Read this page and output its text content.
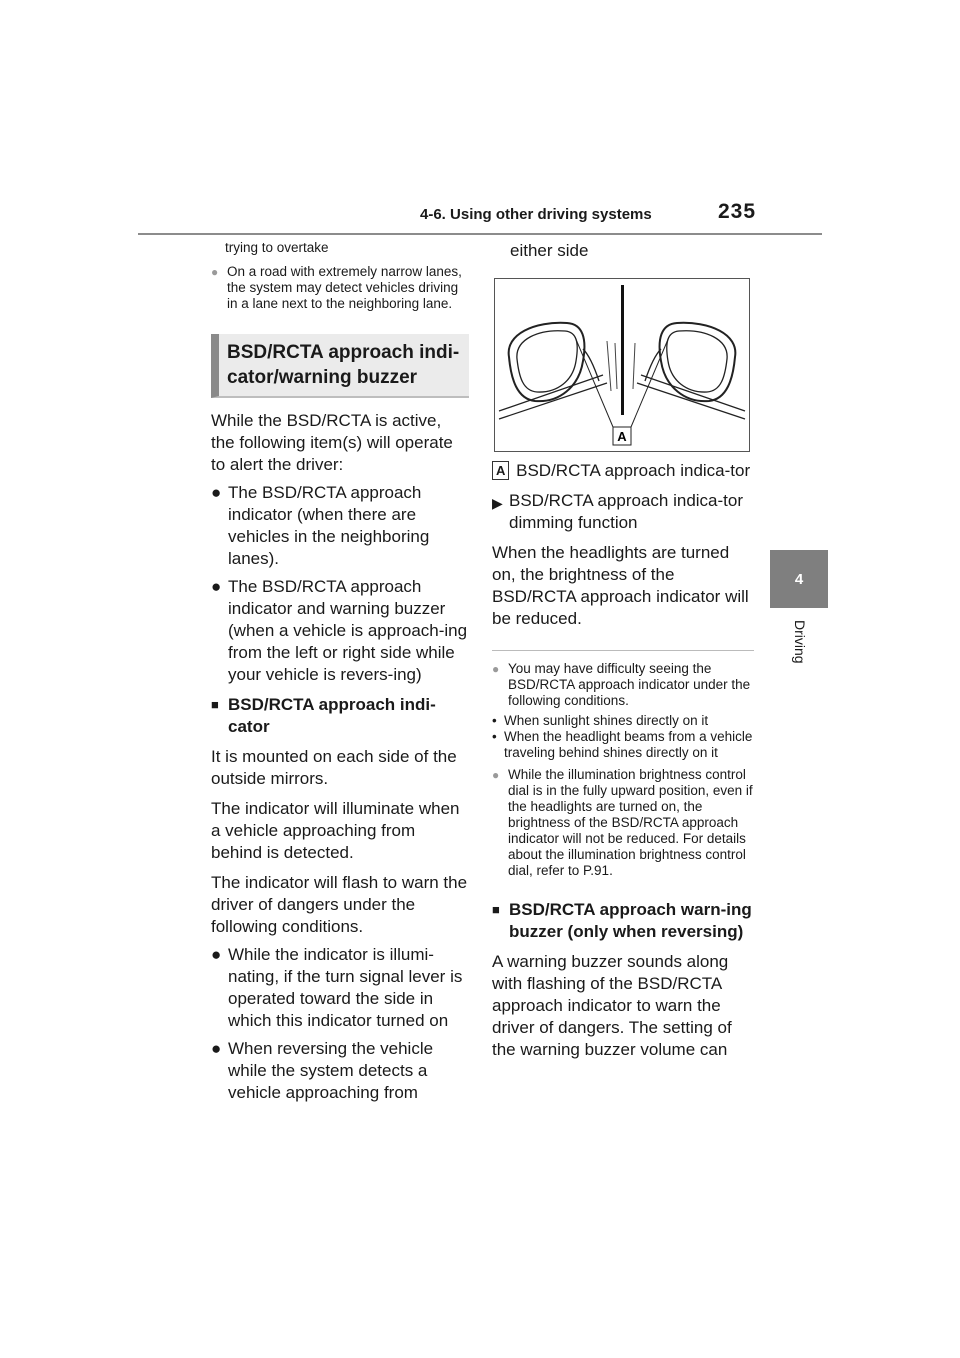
4-6. Using other driving systems	235
4
Driving
trying to overtake
● On a road with extremely narrow lanes, the system may detect vehicles driving in a lane next to the neighboring lane.
BSD/RCTA approach indi-cator/warning buzzer
While the BSD/RCTA is active, the following item(s) will operate to alert the driver:
● The BSD/RCTA approach indicator (when there are vehicles in the neighboring lanes).
● The BSD/RCTA approach indicator and warning buzzer (when a vehicle is approach-ing from the left or right side while your vehicle is revers-ing)
■ BSD/RCTA approach indi-cator

It is mounted on each side of the outside mirrors.

The indicator will illuminate when a vehicle approaching from behind is detected.

The indicator will flash to warn the driver of dangers under the following conditions.

● While the indicator is illumi-nating, if the turn signal lever is operated toward the side in which this indicator turned on
● When reversing the vehicle while the system detects a vehicle approaching from
either side
A
A BSD/RCTA approach indica-tor
▶ BSD/RCTA approach indica-tor dimming function

When the headlights are turned on, the brightness of the BSD/RCTA approach indicator will be reduced.

● You may have difficulty seeing the BSD/RCTA approach indicator under the following conditions.
• When sunlight shines directly on it
• When the headlight beams from a vehicle traveling behind shines directly on it
● While the illumination brightness control dial is in the fully upward position, even if the headlights are turned on, the brightness of the BSD/RCTA approach indicator will not be reduced. For details about the illumination brightness control dial, refer to P.91.
■ BSD/RCTA approach warn-ing buzzer (only when reversing)

A warning buzzer sounds along with flashing of the BSD/RCTA approach indicator to warn the driver of dangers. The setting of the warning buzzer volume can
